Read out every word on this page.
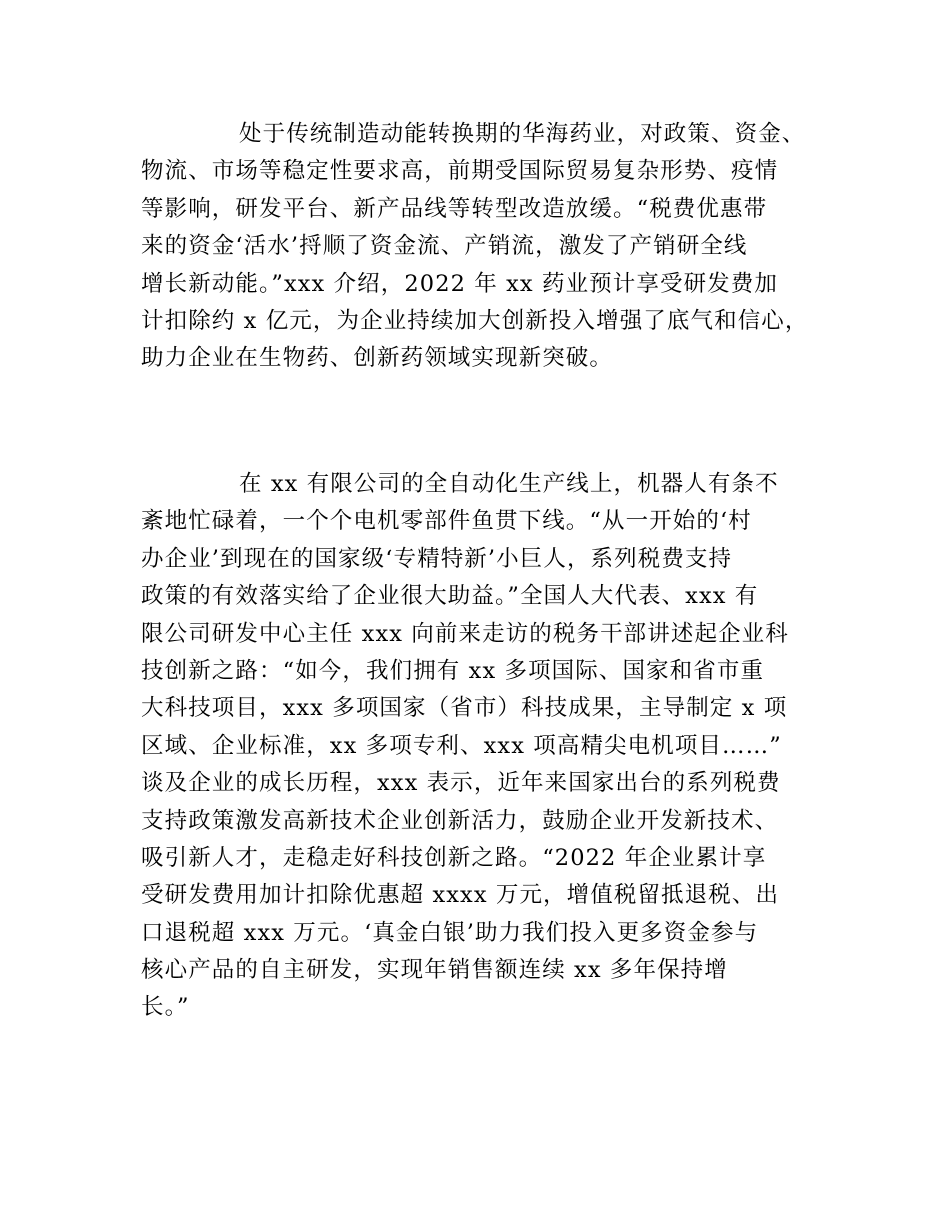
处于传统制造动能转换期的华海药业，对政策、资金、
物流、市场等稳定性要求高，前期受国际贸易复杂形势、疫情
等影响，研发平台、新产品线等转型改造放缓。“税费优惠带
来的资金‘活水’捋顺了资金流、产销流，激发了产销研全线
增长新动能。”xxx 介绍，2022 年 xx 药业预计享受研发费加
计扣除约 x 亿元，为企业持续加大创新投入增强了底气和信心，
助力企业在生物药、创新药领域实现新突破。
在 xx 有限公司的全自动化生产线上，机器人有条不
紊地忙碌着，一个个电机零部件鱼贯下线。“从一开始的‘村
办企业’到现在的国家级‘专精特新’小巨人，系列税费支持
政策的有效落实给了企业很大助益。”全国人大代表、xxx 有
限公司研发中心主任 xxx 向前来走访的税务干部讲述起企业科
技创新之路：“如今，我们拥有 xx 多项国际、国家和省市重
大科技项目，xxx 多项国家（省市）科技成果，主导制定 x 项
区域、企业标准，xx 多项专利、xxx 项高精尖电机项目……”
谈及企业的成长历程，xxx 表示，近年来国家出台的系列税费
支持政策激发高新技术企业创新活力，鼓励企业开发新技术、
吸引新人才，走稳走好科技创新之路。“2022 年企业累计享
受研发费用加计扣除优惠超 xxxx 万元，增值税留抵退税、出
口退税超 xxx 万元。‘真金白银’助力我们投入更多资金参与
核心产品的自主研发，实现年销售额连续 xx 多年保持增
长。”
